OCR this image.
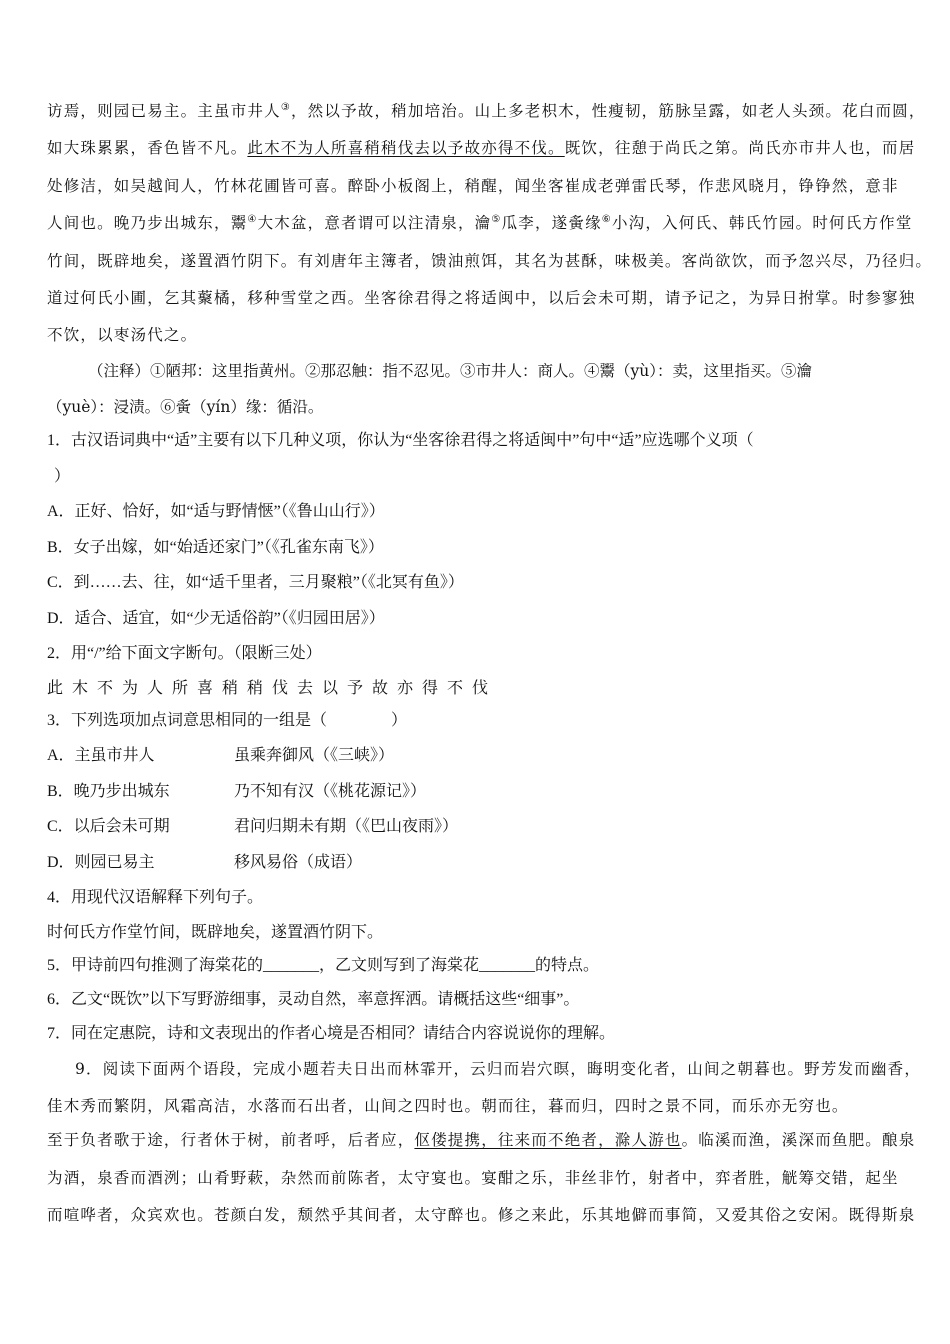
访焉，则园已易主。主虽市井人③，然以予故，稍加培治。山上多老枳木，性瘦韧，筋脉呈露，如老人头颈。花白而圆，
如大珠累累，香色皆不凡。此木不为人所喜稍稍伐去以予故亦得不伐。既饮，往憩于尚氏之第。尚氏亦市井人也，而居
处修洁，如吴越间人，竹林花圃皆可喜。醉卧小板阁上，稍醒，闻坐客崔成老弹雷氏琴，作悲风晓月，铮铮然，意非
人间也。晚乃步出城东，鬻④大木盆，意者谓可以注清泉，瀹⑤瓜李，遂夤缘⑥小沟，入何氏、韩氏竹园。时何氏方作堂
竹间，既辟地矣，遂置酒竹阴下。有刘唐年主簿者，馈油煎饵，其名为甚酥，味极美。客尚欲饮，而予忽兴尽，乃径归。
道过何氏小圃，乞其藂橘，移种雪堂之西。坐客徐君得之将适闽中，以后会未可期，请予记之，为异日拊掌。时参寥独
不饮，以枣汤代之。
（注释）①陋邦：这里指黄州。②那忍触：指不忍见。③市井人：商人。④鬻（yù）：卖，这里指买。⑤瀹
（yuè）：浸渍。⑥夤（yín）缘：循沿。
1．古汉语词典中“适”主要有以下几种义项，你认为“坐客徐君得之将适闽中”句中“适”应选哪个义项（
）
A．正好、恰好，如“适与野情惬”（《鲁山山行》）
B．女子出嫁，如“始适还家门”（《孔雀东南飞》）
C．到……去、往，如“适千里者，三月聚粮”（《北冥有鱼》）
D．适合、适宜，如“少无适俗韵”（《归园田居》）
2．用“/”给下面文字断句。（限断三处）
此木不为人所喜稍稍伐去以予故亦得不伐
3．下列选项加点词意思相同的一组是（　　　　）
A．主虽市井人	虽乘奔御风（《三峡》）
B．晚乃步出城东	乃不知有汉（《桃花源记》）
C．以后会未可期	君问归期未有期（《巴山夜雨》）
D．则园已易主	移风易俗（成语）
4．用现代汉语解释下列句子。
时何氏方作堂竹间，既辟地矣，遂置酒竹阴下。
5．甲诗前四句推测了海棠花的_______，乙文则写到了海棠花_______的特点。
6．乙文“既饮”以下写野游细事，灵动自然，率意挥洒。请概括这些“细事”。
7．同在定惠院，诗和文表现出的作者心境是否相同？请结合内容说说你的理解。
9．阅读下面两个语段，完成小题若夫日出而林霏开，云归而岩穴暝，晦明变化者，山间之朝暮也。野芳发而幽香，
佳木秀而繁阴，风霜高洁，水落而石出者，山间之四时也。朝而往，暮而归，四时之景不同，而乐亦无穷也。
至于负者歌于途，行者休于树，前者呼，后者应，伛偻提携，往来而不绝者，滁人游也。临溪而渔，溪深而鱼肥。酿泉
为酒，泉香而酒洌；山肴野蔌，杂然而前陈者，太守宴也。宴酣之乐，非丝非竹，射者中，弈者胜，觥筹交错，起坐
而喧哗者，众宾欢也。苍颜白发，颓然乎其间者，太守醉也。修之来此，乐其地僻而事简，又爱其俗之安闲。既得斯泉
